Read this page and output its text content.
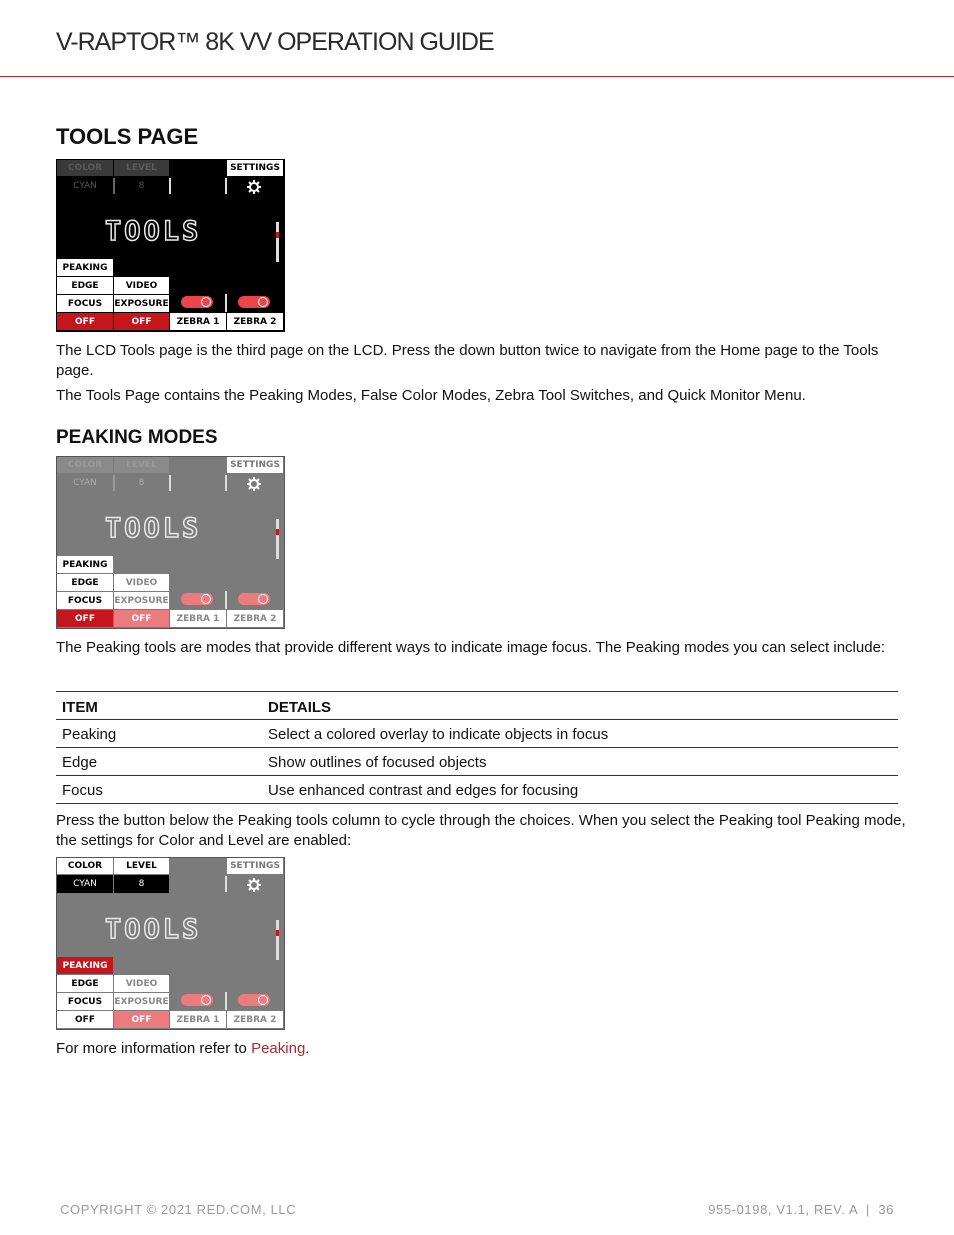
V-RAPTOR™ 8K VV OPERATION GUIDE
TOOLS PAGE
COLOR	LEVEL
CYAN	8
SETTINGS
TOOLS
PEAKING
EDGE	VIDEO
FOCUS	EXPOSURE
OFF	OFF	ZEBRA 1	ZEBRA 2

The LCD Tools page is the third page on the LCD. Press the down button twice to navigate from the Home page to the Tools page.

The Tools Page contains the Peaking Modes, False Color Modes, Zebra Tool Switches, and Quick Monitor Menu.

PEAKING MODES
COLOR	LEVEL
CYAN	8
SETTINGS
TOOLS
PEAKING
EDGE	VIDEO
FOCUS	EXPOSURE
OFF	OFF	ZEBRA 1	ZEBRA 2

The Peaking tools are modes that provide different ways to indicate image focus. The Peaking modes you can select include:

ITEM	DETAILS
Peaking	Select a colored overlay to indicate objects in focus
Edge	Show outlines of focused objects
Focus	Use enhanced contrast and edges for focusing

Press the button below the Peaking tools column to cycle through the choices. When you select the Peaking tool Peaking mode, the settings for Color and Level are enabled:

COLOR	LEVEL
CYAN	8
SETTINGS
TOOLS
PEAKING
EDGE	VIDEO
FOCUS	EXPOSURE
OFF	OFF	ZEBRA 1	ZEBRA 2

For more information refer to Peaking.

COPYRIGHT © 2021 RED.COM, LLC	955-0198, V1.1, REV. A  |  36
